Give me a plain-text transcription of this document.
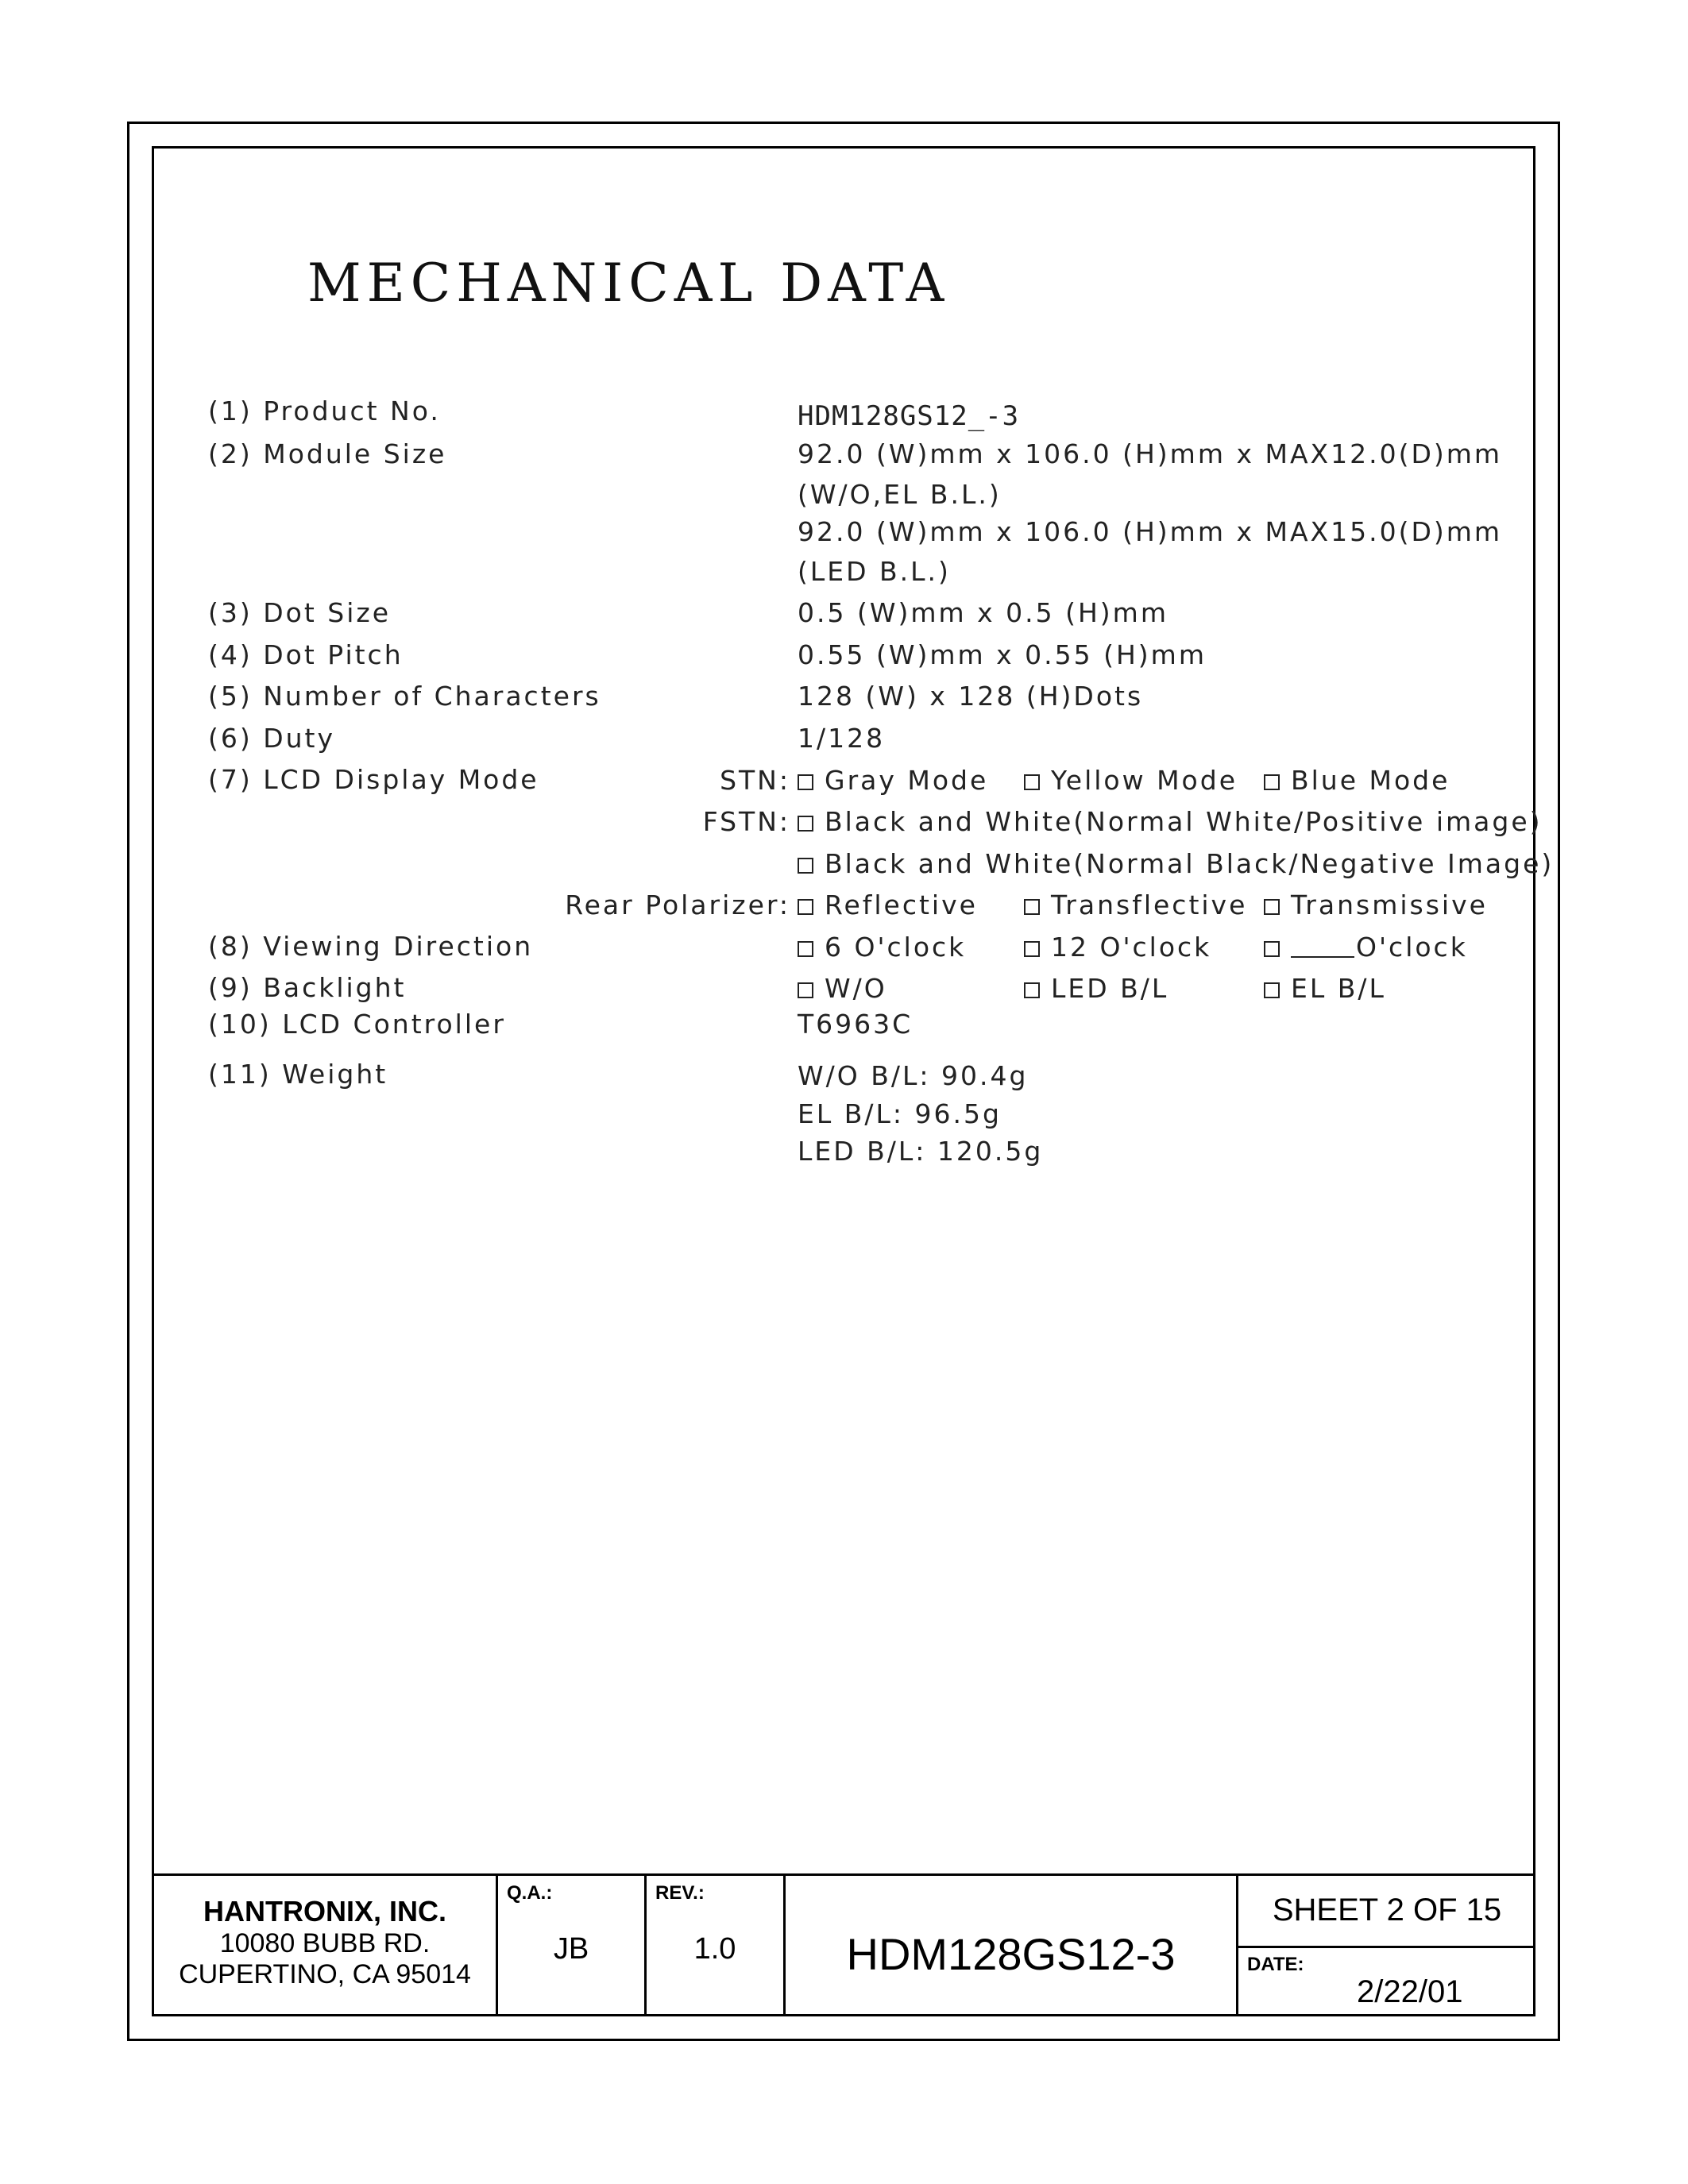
MECHANICAL DATA
(1) Product No.	HDM128GS12_-3
(2) Module Size	92.0 (W)mm x 106.0 (H)mm x MAX12.0(D)mm
(W/O,EL B.L.)
92.0 (W)mm x 106.0 (H)mm x MAX15.0(D)mm
(LED B.L.)
(3) Dot Size	0.5 (W)mm x 0.5 (H)mm
(4) Dot Pitch	0.55 (W)mm x 0.55 (H)mm
(5) Number of Characters	128 (W) x 128 (H)Dots
(6) Duty	1/128
(7) LCD Display Mode	STN:	Gray Mode	Yellow Mode	Blue Mode
FSTN:	Black and White(Normal White/Positive image)
Black and White(Normal Black/Negative Image)
Rear Polarizer:	Reflective	Transflective	Transmissive
(8) Viewing Direction	6 O'clock	12 O'clock	O'clock
(9) Backlight	W/O	LED B/L	EL B/L
(10) LCD Controller	T6963C
(11) Weight	W/O B/L: 90.4g
EL B/L: 96.5g
LED B/L: 120.5g
HANTRONIX, INC.
10080 BUBB RD.
CUPERTINO, CA 95014
Q.A.:
JB
REV.:
1.0	HDM128GS12-3
SHEET 2 OF 15
DATE:
2/22/01
